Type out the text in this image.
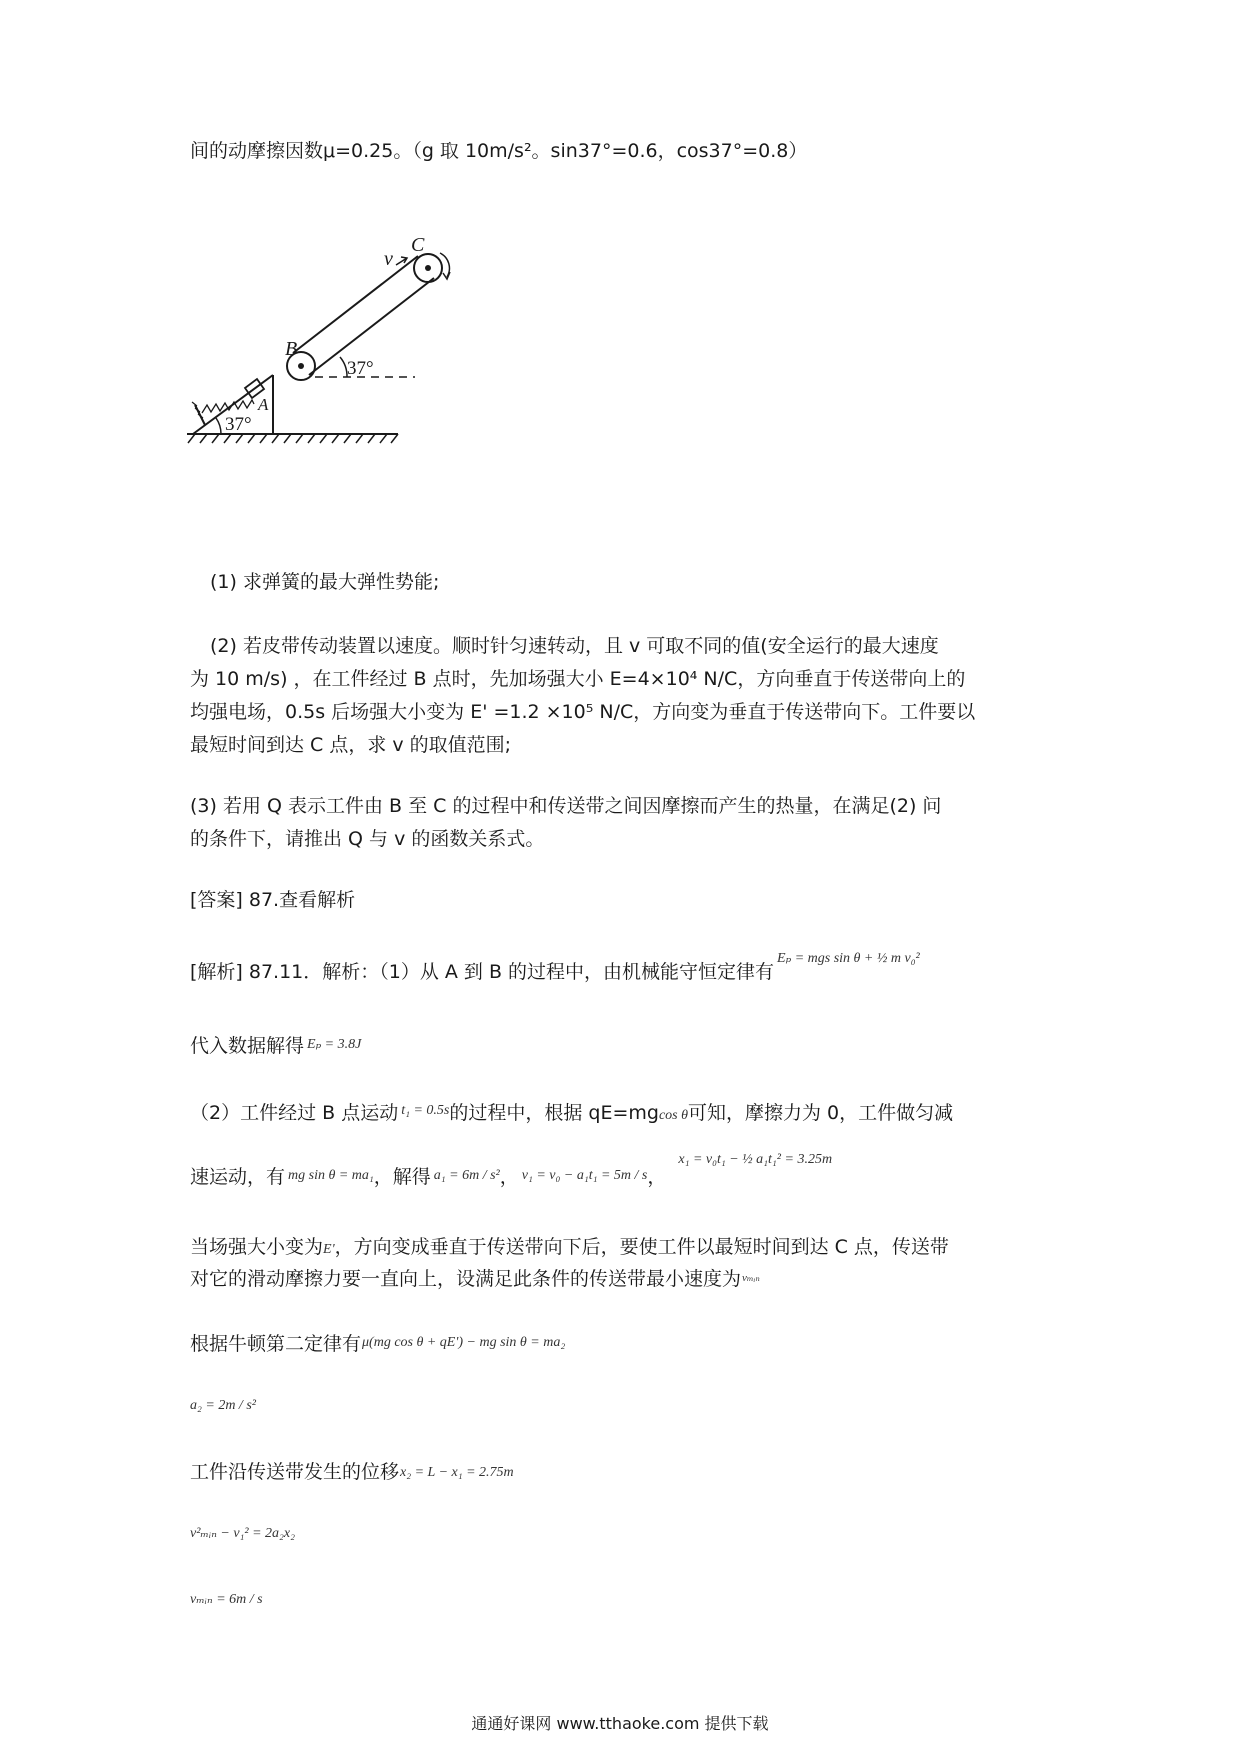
间的动摩擦因数μ=0.25。（g 取 10m/s²。sin37°=0.6，cos37°=0.8）
v
C
B
A
37°
37°
(1) 求弹簧的最大弹性势能;
(2) 若皮带传动装置以速度。顺时针匀速转动，且 v 可取不同的值(安全运行的最大速度
为 10 m/s) ，在工件经过 B 点时，先加场强大小 E=4×10⁴ N/C，方向垂直于传送带向上的
均强电场，0.5s 后场强大小变为 E' =1.2 ×10⁵ N/C，方向变为垂直于传送带向下。工件要以
最短时间到达 C 点，求 v 的取值范围;
(3) 若用 Q 表示工件由 B 至 C 的过程中和传送带之间因摩擦而产生的热量，在满足(2) 问
的条件下，请推出 Q 与 v 的函数关系式。
[答案] 87.查看解析
[解析] 87.11．解析：（1）从 A 到 B 的过程中，由机械能守恒定律有$^{E_p = mgs sin \theta + \frac{1}{2} m v_0^2}$
代入数据解得 $^{E_p = 3.8J}$
（2）工件经过 B 点运动 $^{t_1 = 0.5s}$的过程中，根据 qE=mgcos θ可知，摩擦力为 0，工件做匀减
速运动，有 $^{mg sin \theta = ma_1}$，解得 $^{a_1 = 6m / s^2}$， $^{v_1 = v_0 - a_1t_1 = 5m / s}$，$^{x_1 = v_0t_1 - \frac{1}{2} a_1t_1^2 = 3.25m}$
当场强大小变为E'，方向变成垂直于传送带向下后，要使工件以最短时间到达 C 点，传送带
对它的滑动摩擦力要一直向上，设满足此条件的传送带最小速度为$^{v_mᵢ_n}$
根据牛顿第二定律有$^{\mu(mg cos \theta + qE') - mg sin \theta = ma_2}$
a₂ = 2m / s²
工件沿传送带发生的位移x₂ = L − x₁ = 2.75m
v²ₘᵢₙ − v₁² = 2a₂x₂
vₘᵢₙ = 6m / s
通通好课网 www.tthaoke.com 提供下载
